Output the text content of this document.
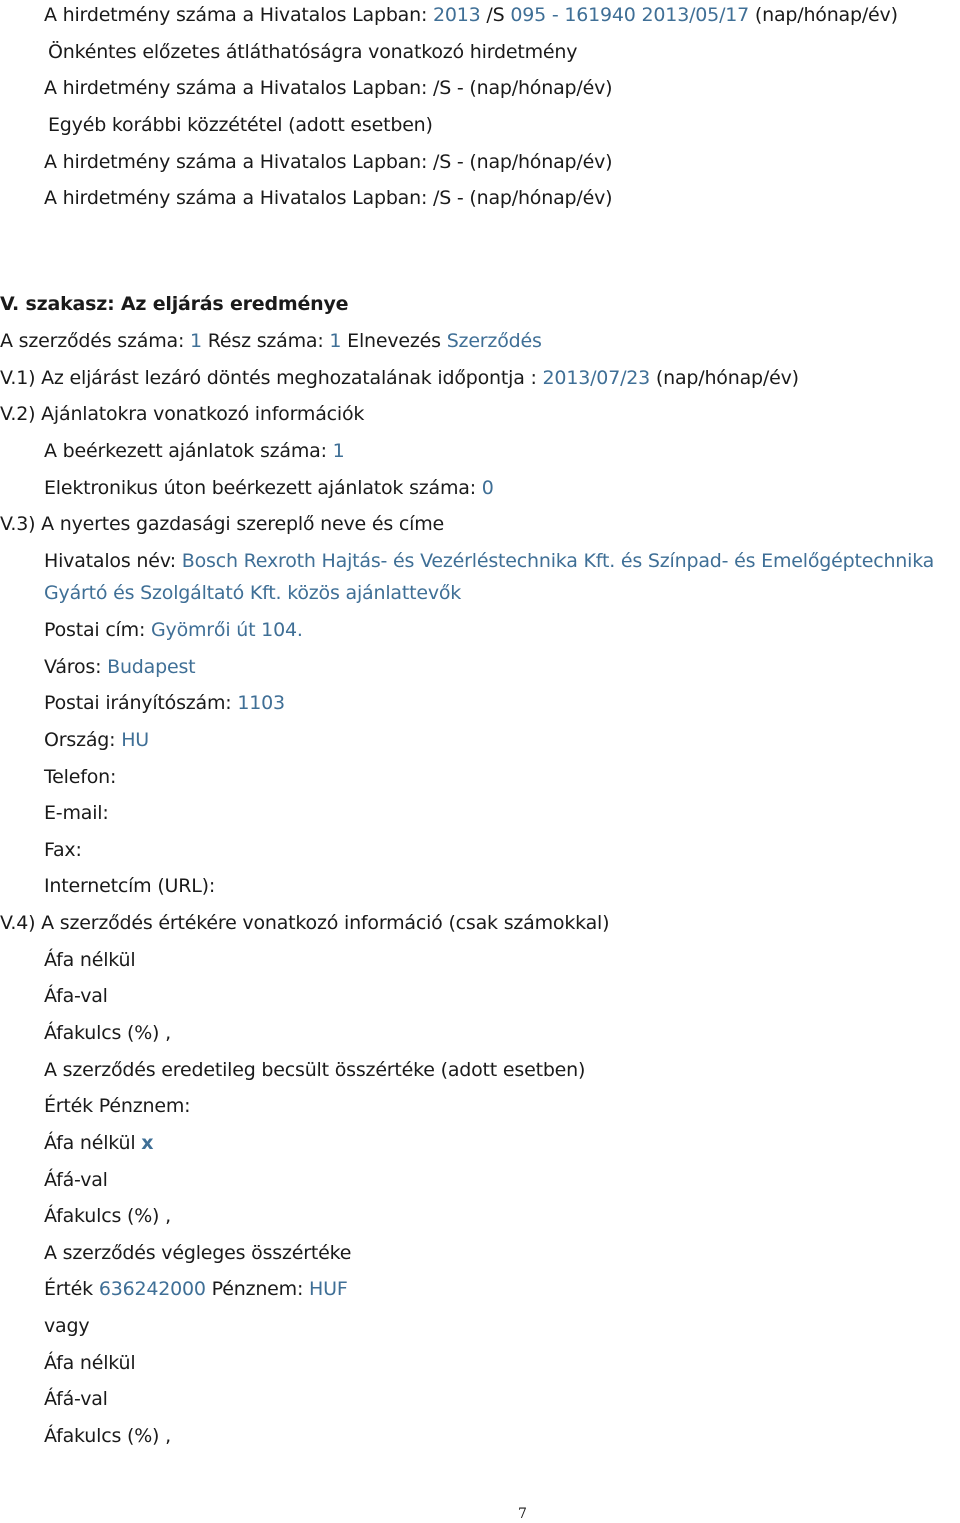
A hirdetmény száma a Hivatalos Lapban: 2013 /S 095 - 161940 2013/05/17 (nap/hónap/év)
Önkéntes előzetes átláthatóságra vonatkozó hirdetmény
A hirdetmény száma a Hivatalos Lapban: /S - (nap/hónap/év)
Egyéb korábbi közzététel (adott esetben)
A hirdetmény száma a Hivatalos Lapban: /S - (nap/hónap/év)
A hirdetmény száma a Hivatalos Lapban: /S - (nap/hónap/év)
V. szakasz: Az eljárás eredménye
A szerződés száma: 1 Rész száma: 1 Elnevezés Szerződés
V.1) Az eljárást lezáró döntés meghozatalának időpontja : 2013/07/23 (nap/hónap/év)
V.2) Ajánlatokra vonatkozó információk
A beérkezett ajánlatok száma: 1
Elektronikus úton beérkezett ajánlatok száma: 0
V.3) A nyertes gazdasági szereplő neve és címe
Hivatalos név: Bosch Rexroth Hajtás- és Vezérléstechnika Kft. és Színpad- és Emelőgéptechnika
Gyártó és Szolgáltató Kft. közös ajánlattevők
Postai cím: Gyömrői út 104.
Város: Budapest
Postai irányítószám: 1103
Ország: HU
Telefon:
E-mail:
Fax:
Internetcím (URL):
V.4) A szerződés értékére vonatkozó információ (csak számokkal)
Áfa nélkül
Áfa-val
Áfakulcs (%) ,
A szerződés eredetileg becsült összértéke (adott esetben)
Érték Pénznem:
Áfa nélkül x
Áfá-val
Áfakulcs (%) ,
A szerződés végleges összértéke
Érték 636242000 Pénznem: HUF
vagy
Áfa nélkül
Áfá-val
Áfakulcs (%) ,
7
